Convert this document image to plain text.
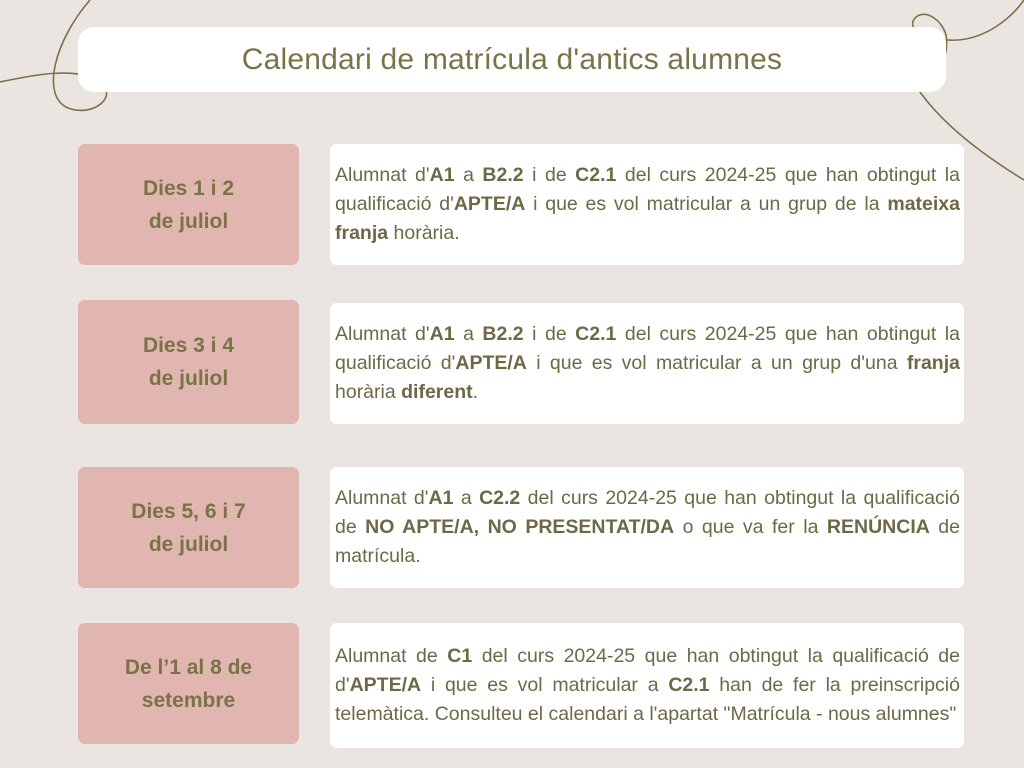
Calendari de matrícula d'antics alumnes
Dies 1 i 2
de juliol
Alumnat d'A1 a B2.2 i de C2.1 del curs 2024-25 que han obtingut la qualificació d'APTE/A i que es vol matricular a un grup de la mateixa franja horària.
Dies 3 i 4
de juliol
Alumnat d'A1 a B2.2 i de C2.1 del curs 2024-25 que han obtingut la qualificació d'APTE/A i que es vol matricular a un grup d'una franja horària diferent.
Dies 5, 6 i 7
de juliol
Alumnat d'A1 a C2.2 del curs 2024-25 que han obtingut la qualificació de NO APTE/A, NO PRESENTAT/DA o que va fer la RENÚNCIA de matrícula.
De l’1 al 8 de
setembre
Alumnat de C1 del curs 2024-25 que han obtingut la qualificació de d'APTE/A i que es vol matricular a C2.1 han de fer la preinscripció telemàtica. Consulteu el calendari a l'apartat "Matrícula - nous alumnes"
